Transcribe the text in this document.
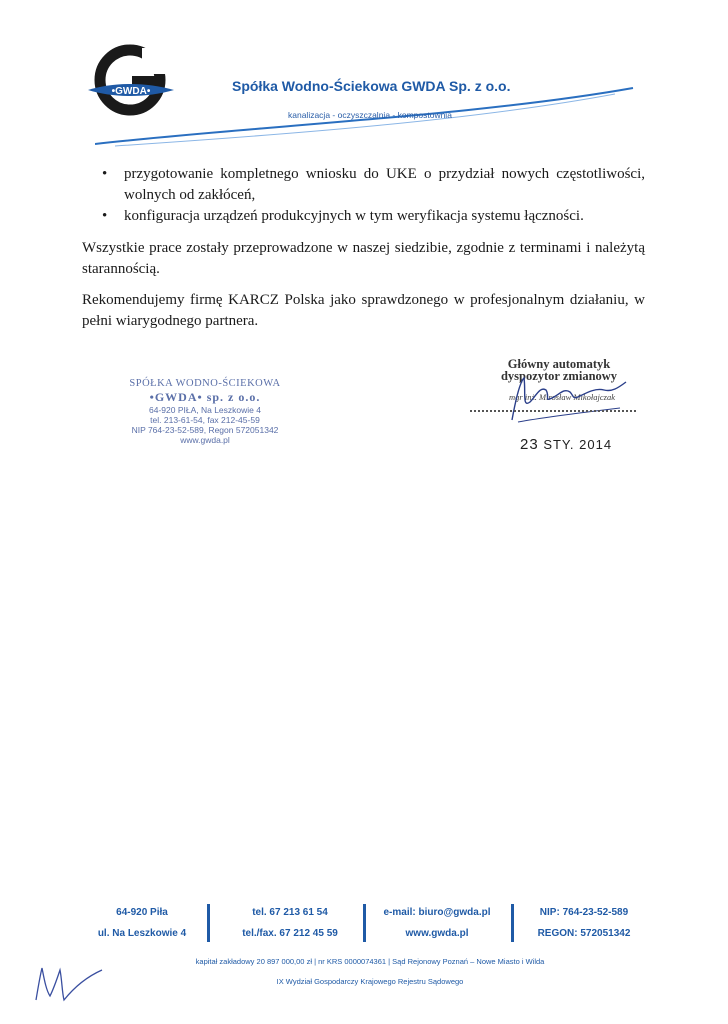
•GWDA•	Spółka Wodno-Ściekowa GWDA Sp. z o.o.
kanalizacja - oczyszczalnia - kompostownia
• przygotowanie kompletnego wniosku do UKE o przydział nowych częstotliwości, wolnych od zakłóceń,
• konfiguracja urządzeń produkcyjnych w tym weryfikacja systemu łączności.
Wszystkie prace zostały przeprowadzone w naszej siedzibie, zgodnie z terminami i należytą starannością.
Rekomendujemy firmę KARCZ Polska jako sprawdzonego w profesjonalnym działaniu, w pełni wiarygodnego partnera.
SPÓŁKA WODNO-ŚCIEKOWA
•GWDA• sp. z o.o.
64-920 PIŁA, Na Leszkowie 4
tel. 213-61-54, fax 212-45-59
NIP 764-23-52-589, Regon 572051342
www.gwda.pl
Główny automatyk
dyspozytor zmianowy
mgr inż. Mirosław Mikołajczak
23 STY. 2014
64-920 Piła
ul. Na Leszkowie 4
tel. 67 213 61 54
tel./fax. 67 212 45 59
e-mail: biuro@gwda.pl
www.gwda.pl
NIP: 764-23-52-589
REGON: 572051342
kapitał zakładowy 20 897 000,00 zł | nr KRS 0000074361 | Sąd Rejonowy Poznań – Nowe Miasto i Wilda
IX Wydział Gospodarczy Krajowego Rejestru Sądowego
